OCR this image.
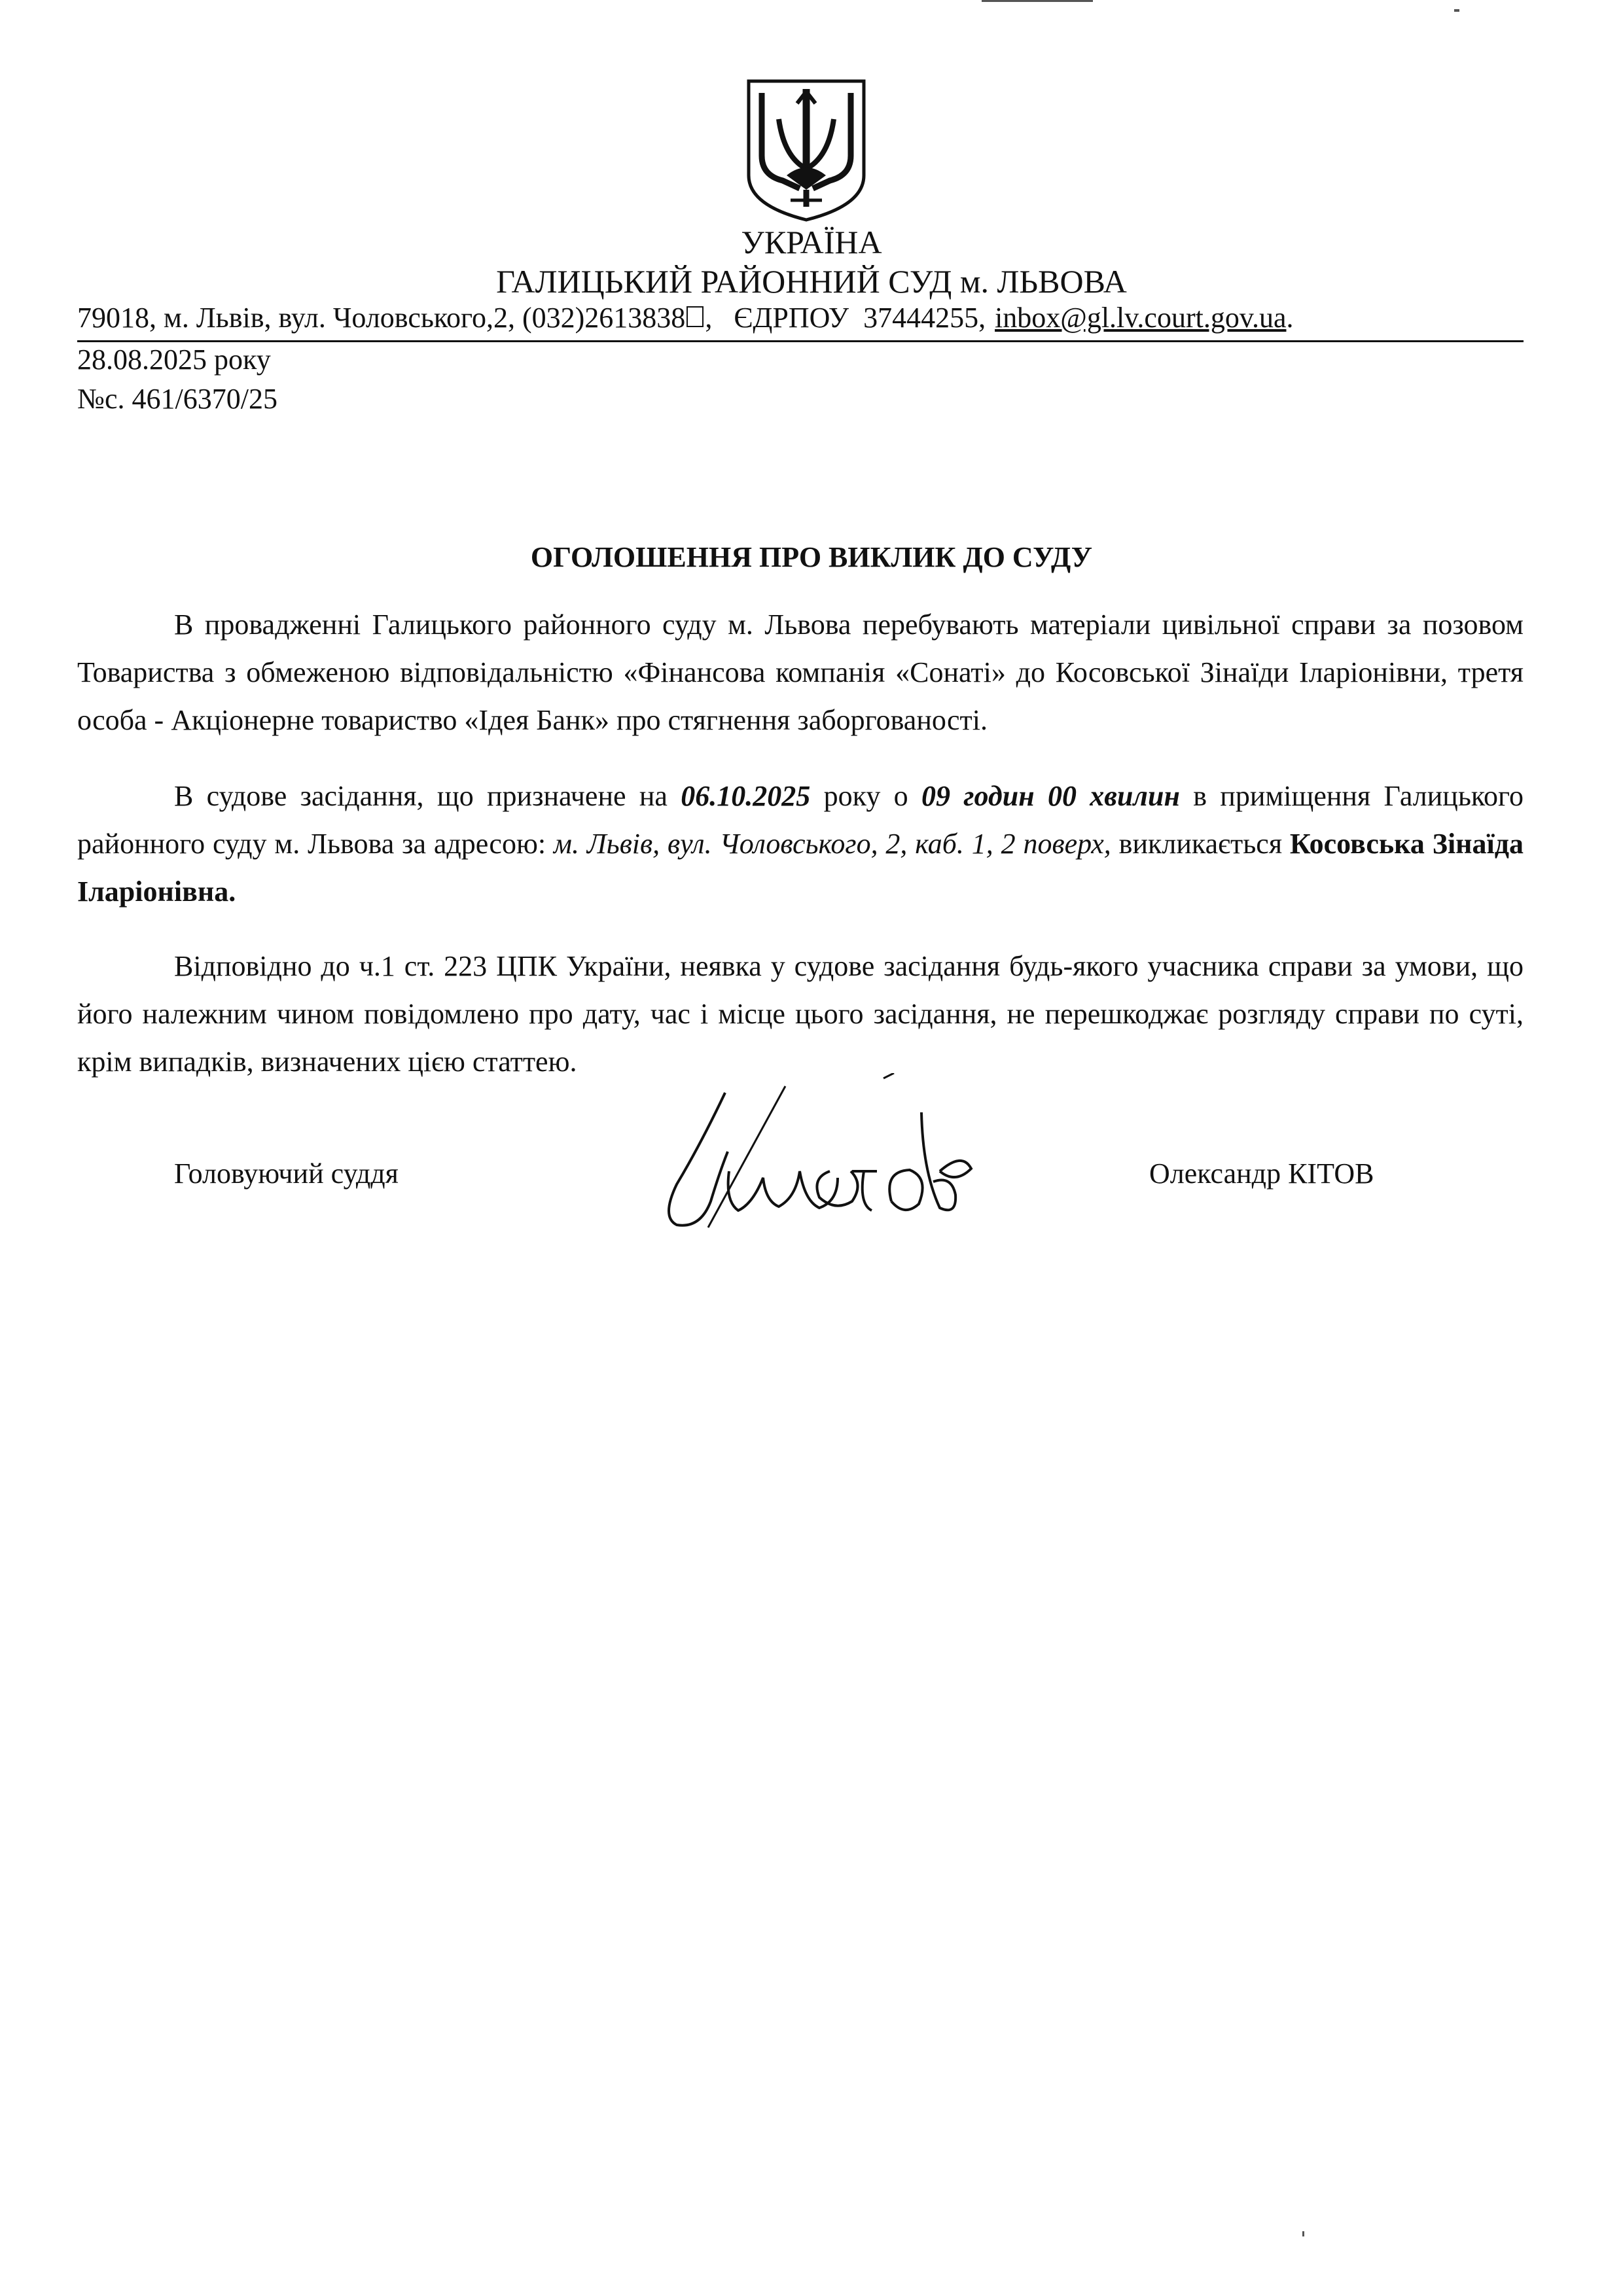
УКРАЇНА
ГАЛИЦЬКИЙ РАЙОННИЙ СУД м. ЛЬВОВА
79018, м. Львів, вул. Чоловського,2, (032)2613838 ,   ЄДРПОУ  37444255, inbox@gl.lv.court.gov.ua .
28.08.2025 року
№с. 461/6370/25
ОГОЛОШЕННЯ ПРО ВИКЛИК ДО СУДУ
В провадженні Галицького районного суду м. Львова перебувають матеріали цивільної справи за позовом Товариства з обмеженою відповідальністю «Фінансова компанія «Сонаті» до Косовської Зінаїди Іларіонівни, третя особа - Акціонерне товариство «Ідея Банк» про стягнення заборгованості.
В судове засідання, що призначене на 06.10.2025 року о 09 годин 00 хвилин в приміщення Галицького районного суду м. Львова за адресою: м. Львів, вул. Чоловського, 2, каб. 1, 2 поверх, викликається Косовська Зінаїда Іларіонівна.
Відповідно до ч.1 ст. 223 ЦПК України, неявка у судове засідання будь-якого учасника справи за умови, що його належним чином повідомлено про дату, час і місце цього засідання, не перешкоджає розгляду справи по суті, крім випадків, визначених цією статтею.
Головуючий суддя	Олександр КІТОВ
